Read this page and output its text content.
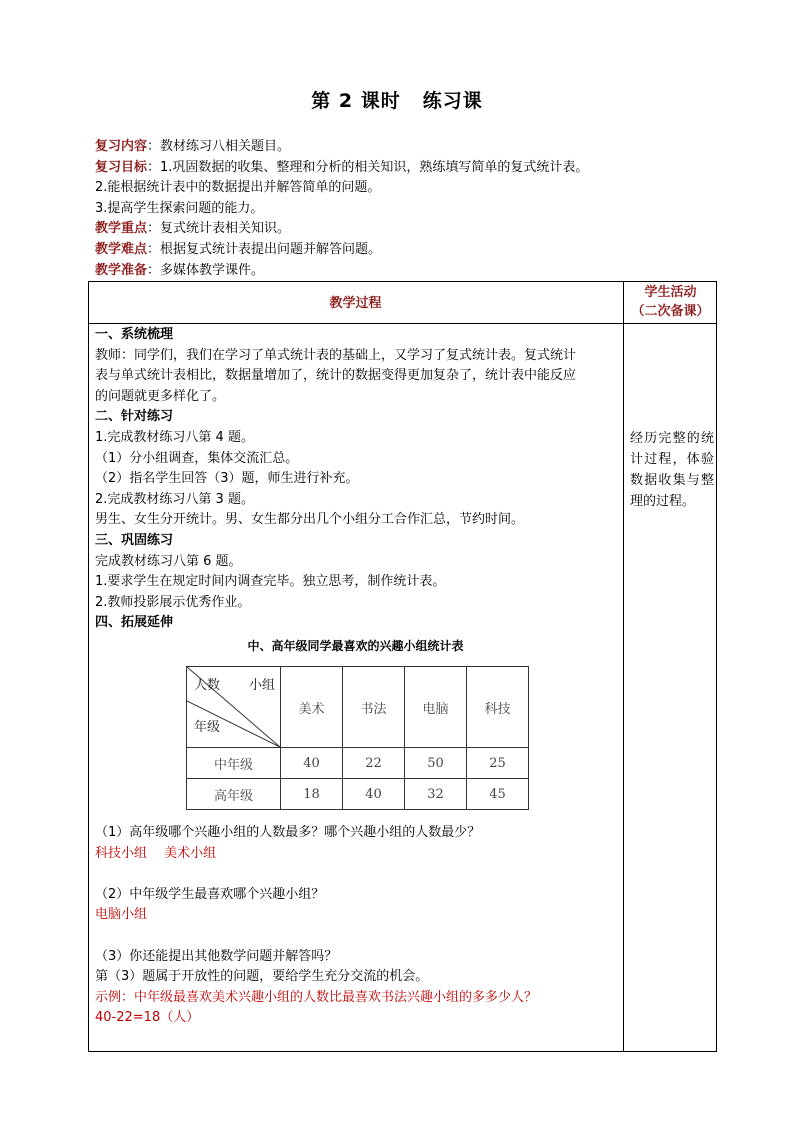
第 2 课时 练习课
复习内容：教材练习八相关题目。
复习目标：1.巩固数据的收集、整理和分析的相关知识，熟练填写简单的复式统计表。
2.能根据统计表中的数据提出并解答简单的问题。
3.提高学生探索问题的能力。
教学重点：复式统计表相关知识。
教学难点：根据复式统计表提出问题并解答问题。
教学准备：多媒体教学课件。
教学过程
学生活动
（二次备课）
经历完整的统计过程，体验数据收集与整理的过程。
一、系统梳理
教师：同学们，我们在学习了单式统计表的基础上，又学习了复式统计表。复式统计
表与单式统计表相比，数据量增加了，统计的数据变得更加复杂了，统计表中能反应
的问题就更多样化了。
二、针对练习
1.完成教材练习八第 4 题。
（1）分小组调查，集体交流汇总。
（2）指名学生回答（3）题，师生进行补充。
2.完成教材练习八第 3 题。
男生、女生分开统计。男、女生都分出几个小组分工合作汇总，节约时间。
三、巩固练习
完成教材练习八第 6 题。
1.要求学生在规定时间内调查完毕。独立思考，制作统计表。
2.教师投影展示优秀作业。
四、拓展延伸
中、高年级同学最喜欢的兴趣小组统计表
人数 小组
年级	美术	书法	电脑	科技
中年级	40	22	50	25
高年级	18	40	32	45
（1）高年级哪个兴趣小组的人数最多？哪个兴趣小组的人数最少？
科技小组　 美术小组
（2）中年级学生最喜欢哪个兴趣小组？
电脑小组
（3）你还能提出其他数学问题并解答吗？
第（3）题属于开放性的问题，要给学生充分交流的机会。
示例：中年级最喜欢美术兴趣小组的人数比最喜欢书法兴趣小组的多多少人？
40-22=18（人）
